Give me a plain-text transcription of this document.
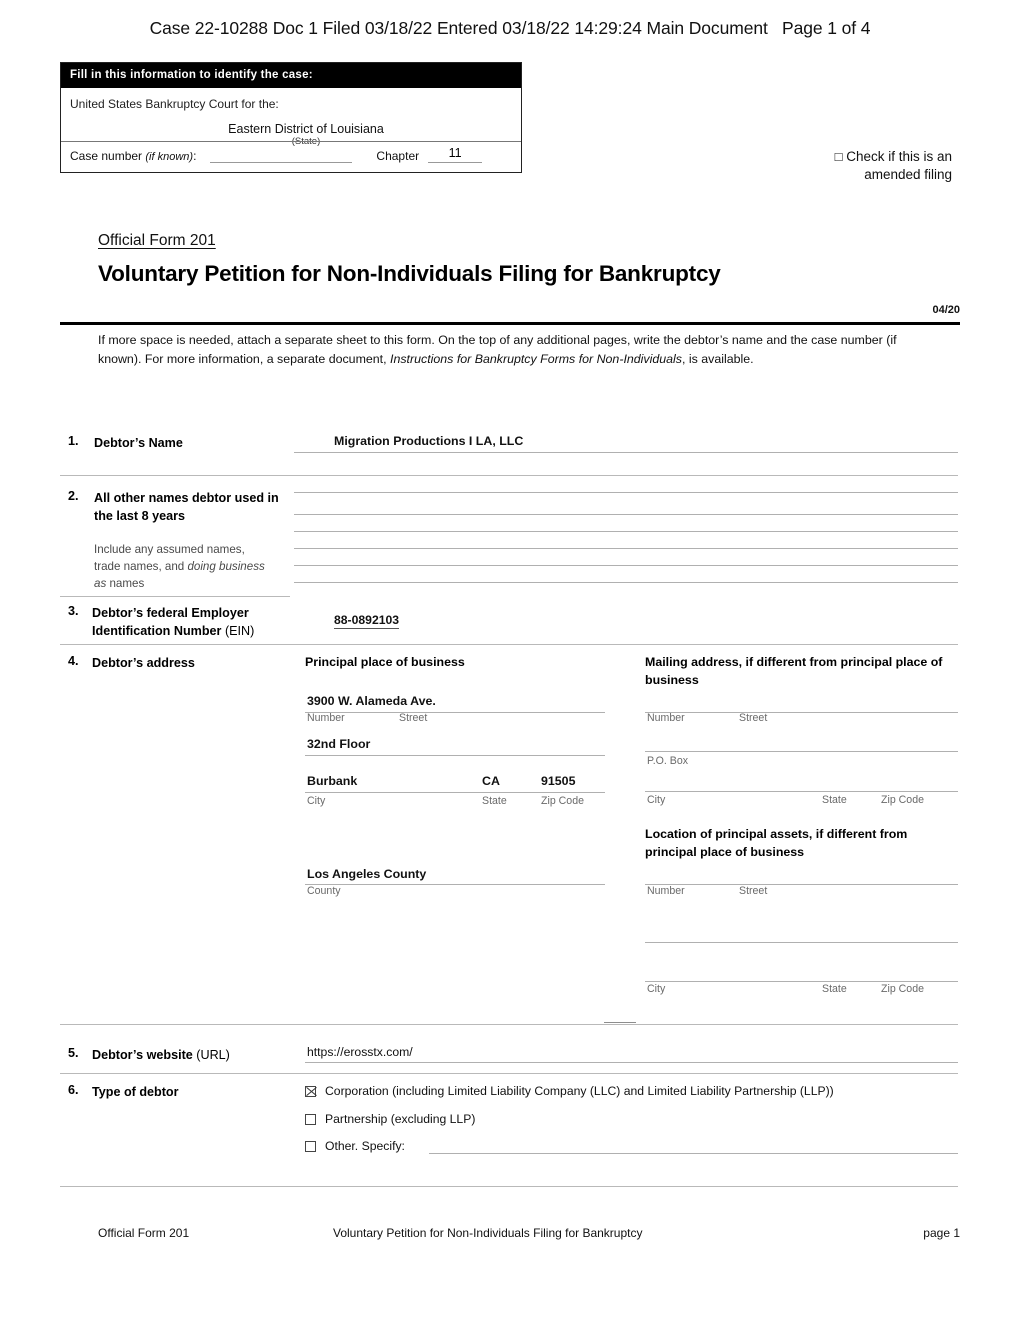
Case 22-10288 Doc 1 Filed 03/18/22 Entered 03/18/22 14:29:24 Main Document   Page 1 of 4
Fill in this information to identify the case:
United States Bankruptcy Court for the:
Eastern District of Louisiana
(State)
Case number (if known):	Chapter	11	□ Check if this is an
amended filing
Official Form 201
Voluntary Petition for Non-Individuals Filing for Bankruptcy
04/20
If more space is needed, attach a separate sheet to this form. On the top of any additional pages, write the debtor’s name and the case number (if known). For more information, a separate document, Instructions for Bankruptcy Forms for Non-Individuals, is available.
1. Debtor’s Name	Migration Productions I LA, LLC
2. All other names debtor used in the last 8 years
Include any assumed names, trade names, and doing business as names
3. Debtor’s federal Employer Identification Number (EIN)
88-0892103
4. Debtor’s address	Principal place of business
3900 W. Alameda Ave.
Number	Street
32nd Floor
Burbank	CA	91505
City	State	Zip Code
Los Angeles County
County
Mailing address, if different from principal place of business
Number	Street
P.O. Box
City	State	Zip Code
Location of principal assets, if different from principal place of business
Number	Street
City	State	Zip Code
5. Debtor’s website (URL)	https://erosstx.com/
6. Type of debtor	Corporation (including Limited Liability Company (LLC) and Limited Liability Partnership (LLP))
Partnership (excluding LLP)
Other. Specify:
Official Form 201	Voluntary Petition for Non-Individuals Filing for Bankruptcy	page 1
